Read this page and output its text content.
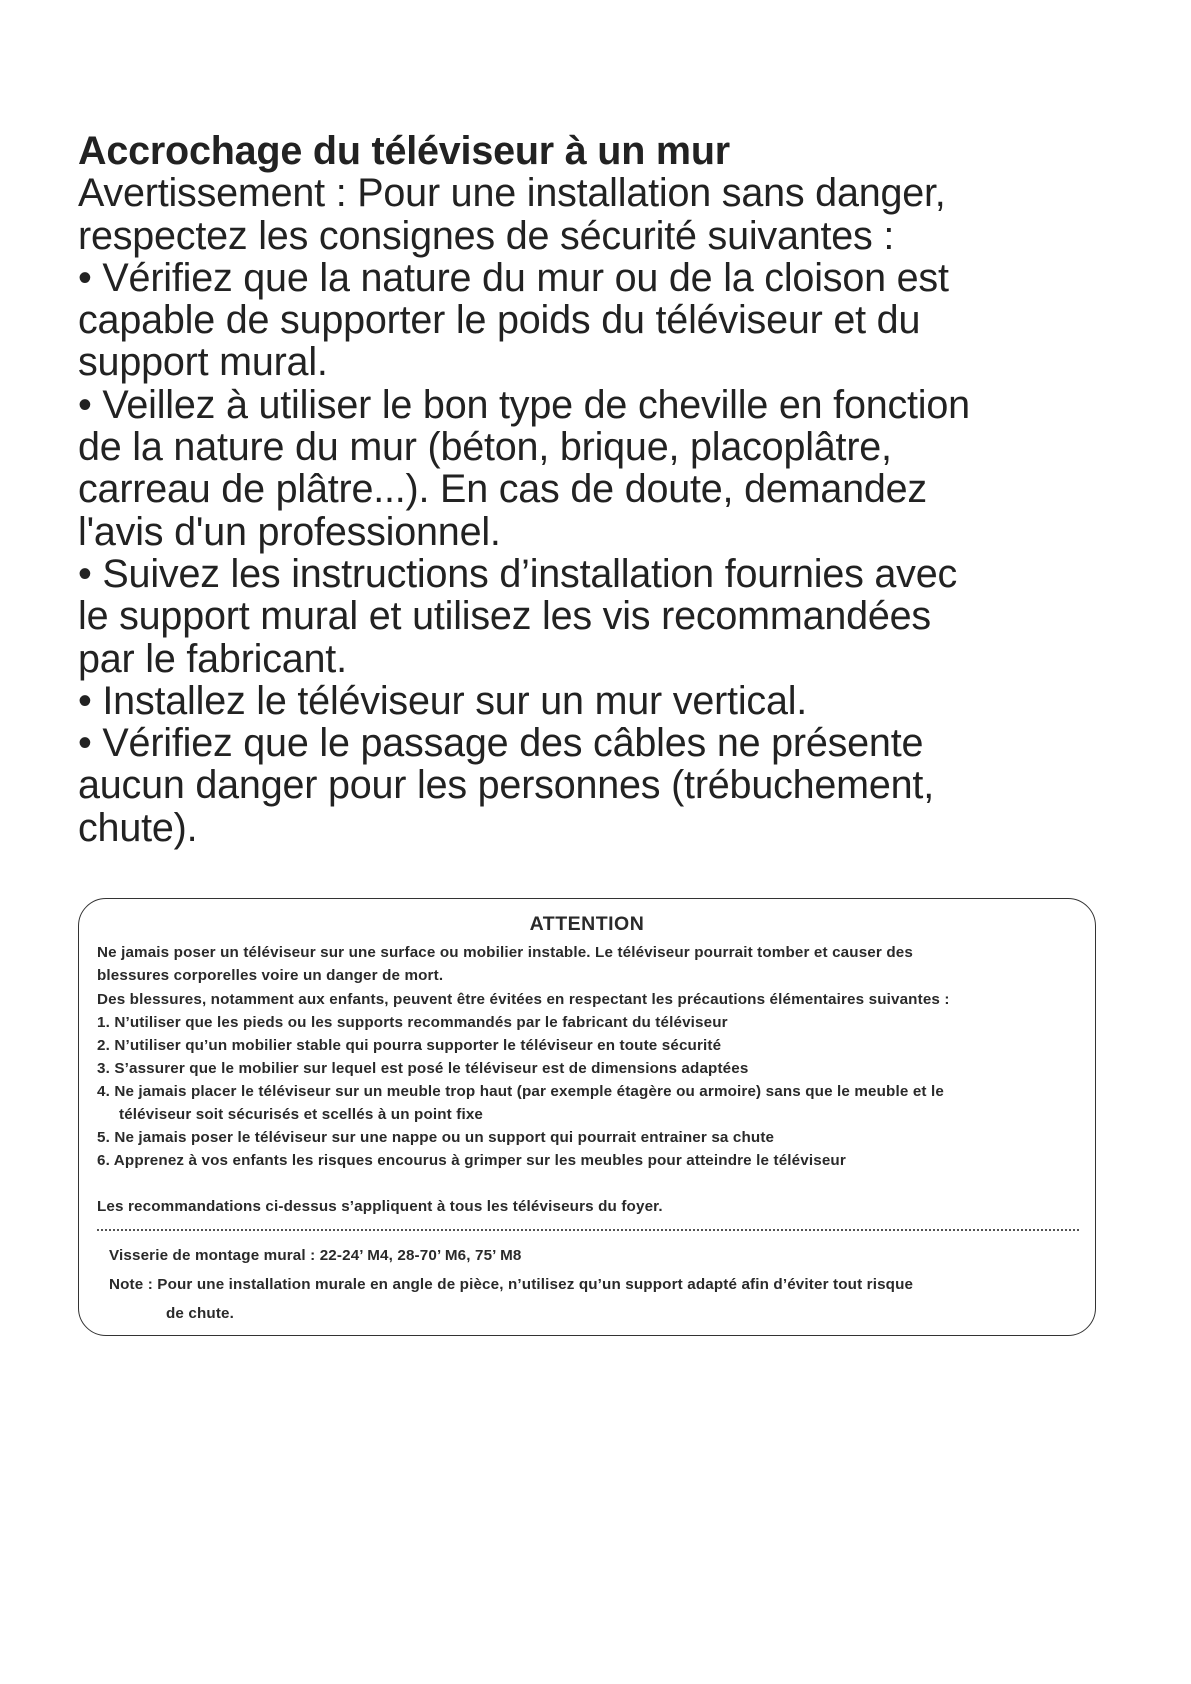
Accrochage du téléviseur à un mur

Avertissement : Pour une installation sans danger,

respectez les consignes de sécurité suivantes :

• Vérifiez que la nature du mur ou de la cloison est

capable de supporter le poids du téléviseur et du

support mural.

• Veillez à utiliser le bon type de cheville en fonction

de la nature du mur (béton, brique, placoplâtre,

carreau de plâtre...). En cas de doute, demandez

l'avis d'un professionnel.

• Suivez les instructions d’installation fournies avec

le support mural et utilisez les vis recommandées

par le fabricant.

• Installez le téléviseur sur un mur vertical.

• Vérifiez que le passage des câbles ne présente

aucun danger pour les personnes (trébuchement,

chute).

ATTENTION
Ne jamais poser un téléviseur sur une surface ou mobilier instable. Le téléviseur pourrait tomber et causer des
blessures corporelles voire un danger de mort.
Des blessures, notamment aux enfants, peuvent être évitées en respectant les précautions élémentaires suivantes :
1. N’utiliser que les pieds ou les supports recommandés par le fabricant du téléviseur
2. N’utiliser qu’un mobilier stable qui pourra supporter le téléviseur en toute sécurité
3. S’assurer que le mobilier sur lequel est posé le téléviseur est de dimensions adaptées
4. Ne jamais placer le téléviseur sur un meuble trop haut (par exemple étagère ou armoire) sans que le meuble et le
téléviseur soit sécurisés et scellés à un point fixe
5. Ne jamais poser le téléviseur sur une nappe ou un support qui pourrait entrainer sa chute
6. Apprenez à vos enfants les risques encourus à grimper sur les meubles pour atteindre le téléviseur
Les recommandations ci-dessus s’appliquent à tous les téléviseurs du foyer.
Visserie de montage mural : 22-24’ M4, 28-70’ M6, 75’ M8
Note : Pour une installation murale en angle de pièce, n’utilisez qu’un support adapté afin d’éviter tout risque
de chute.
